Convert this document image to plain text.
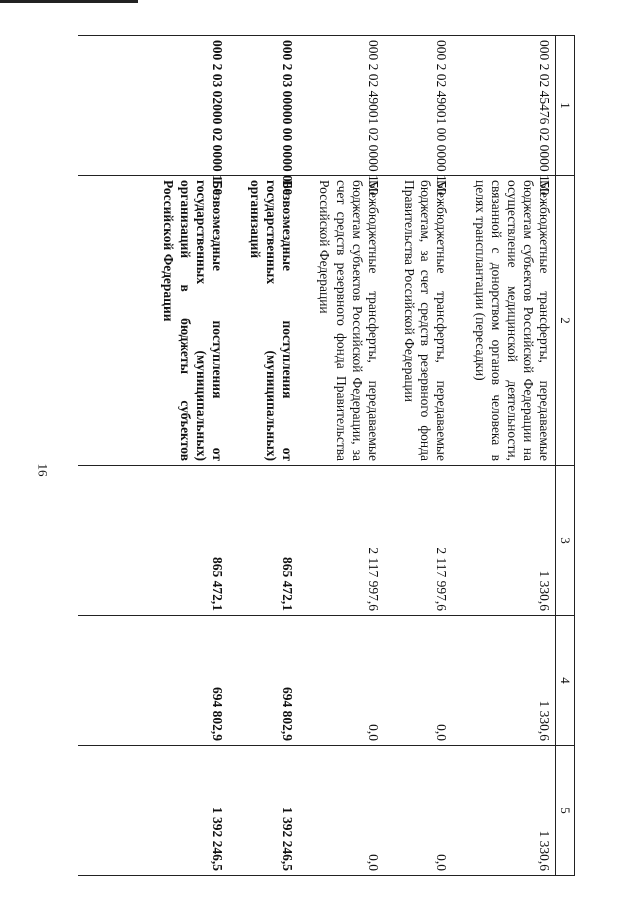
16
1	2	3	4	5
000 2 02 45476 02 0000 150	Межбюджетные трансферты, передаваемые бюджетам субъектов Российской Федерации на осуществление медицинской деятельности, связанной с донорством органов человека в целях трансплантации (пересадки)	1 330,6	1 330,6	1 330,6
000 2 02 49001 00 0000 150	Межбюджетные трансферты, передаваемые бюджетам, за счет средств резервного фонда Правительства Российской Федерации	2 117 997,6	0,0	0,0
000 2 02 49001 02 0000 150	Межбюджетные трансферты, передаваемые бюджетам субъектов Российской Федерации, за счет средств резервного фонда Правительства Российской Федерации	2 117 997,6	0,0	0,0
000 2 03 00000 00 0000 000	Безвозмездные поступления от государственных (муниципальных) организаций	865 472,1	694 802,9	1 392 246,5
000 2 03 02000 02 0000 150	Безвозмездные поступления от государственных (муниципальных) организаций в бюджеты субъектов Российской Федерации	865 472,1	694 802,9	1 392 246,5
